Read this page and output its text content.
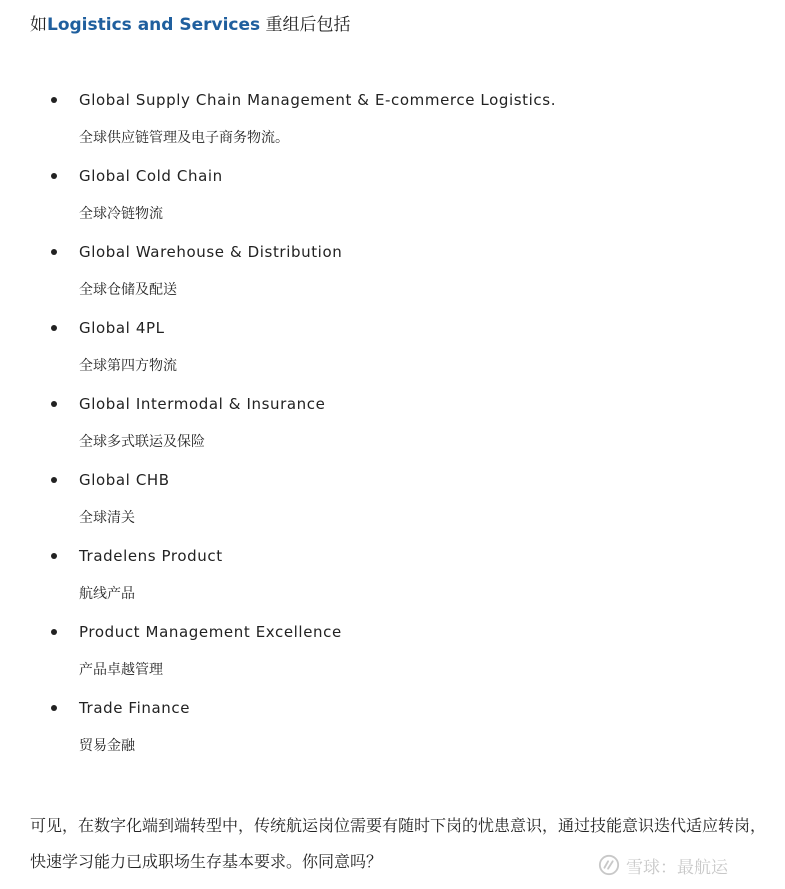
如Logistics and Services 重组后包括
Global Supply Chain Management & E-commerce Logistics.
全球供应链管理及电子商务物流。
Global Cold Chain
全球冷链物流
Global Warehouse & Distribution
全球仓储及配送
Global 4PL
全球第四方物流
Global Intermodal & Insurance
全球多式联运及保险
Global CHB
全球清关
Tradelens Product
航线产品
Product Management Excellence
产品卓越管理
Trade Finance
贸易金融

可见，在数字化端到端转型中，传统航运岗位需要有随时下岗的忧患意识，通过技能意识迭代适应转岗，快速学习能力已成职场生存基本要求。你同意吗？	雪球：最航运
